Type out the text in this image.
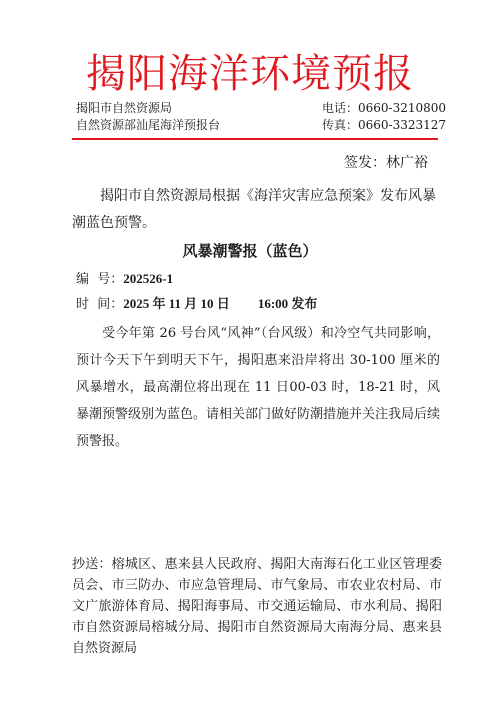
揭阳海洋环境预报
揭阳市自然资源局
自然资源部汕尾海洋预报台
电话：0660-3210800
传真：0660-3323127
签发：林广裕
揭阳市自然资源局根据《海洋灾害应急预案》发布风暴潮蓝色预警。
风暴潮警报（蓝色）
编  号：202526-1
时  间：2025 年 11 月 10 日 16:00 发布
受今年第 26 号台风“风神”（台风级）和冷空气共同影响，预计今天下午到明天下午，揭阳惠来沿岸将出 30-100 厘米的风暴增水，最高潮位将出现在 11 日00-03 时，18-21 时，风暴潮预警级别为蓝色。请相关部门做好防潮措施并关注我局后续预警报。
抄送：榕城区、惠来县人民政府、揭阳大南海石化工业区管理委员会、市三防办、市应急管理局、市气象局、市农业农村局、市文广旅游体育局、揭阳海事局、市交通运输局、市水利局、揭阳市自然资源局榕城分局、揭阳市自然资源局大南海分局、惠来县自然资源局
